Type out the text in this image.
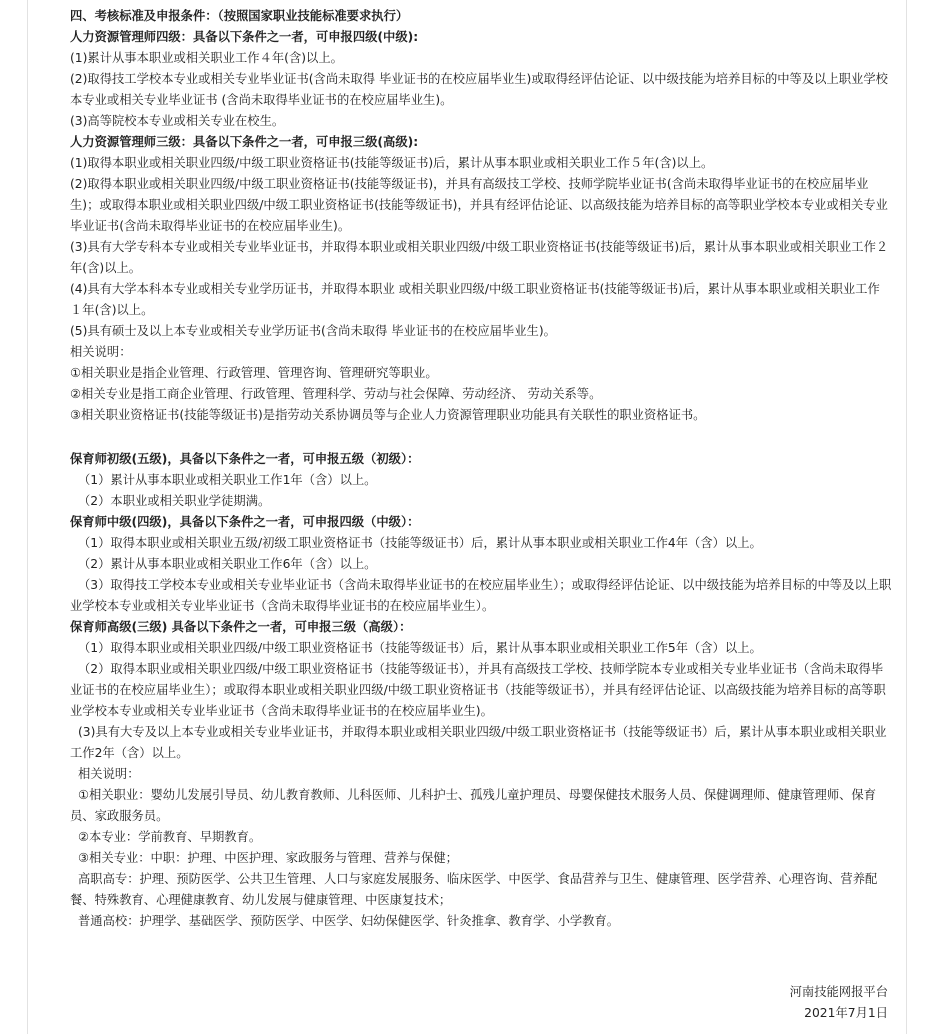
四、考核标准及申报条件：（按照国家职业技能标准要求执行）

人力资源管理师四级：具备以下条件之一者，可申报四级(中级):

(1)累计从事本职业或相关职业工作４年(含)以上。

(2)取得技工学校本专业或相关专业毕业证书(含尚未取得 毕业证书的在校应届毕业生)或取得经评估论证、以中级技能为培养目标的中等及以上职业学校本专业或相关专业毕业证书 (含尚未取得毕业证书的在校应届毕业生)。

(3)高等院校本专业或相关专业在校生。

人力资源管理师三级：具备以下条件之一者，可申报三级(高级):

(1)取得本职业或相关职业四级/中级工职业资格证书(技能等级证书)后，累计从事本职业或相关职业工作５年(含)以上。

(2)取得本职业或相关职业四级/中级工职业资格证书(技能等级证书)，并具有高级技工学校、技师学院毕业证书(含尚未取得毕业证书的在校应届毕业生)；或取得本职业或相关职业四级/中级工职业资格证书(技能等级证书)，并具有经评估论证、以高级技能为培养目标的高等职业学校本专业或相关专业毕业证书(含尚未取得毕业证书的在校应届毕业生)。

(3)具有大学专科本专业或相关专业毕业证书，并取得本职业或相关职业四级/中级工职业资格证书(技能等级证书)后，累计从事本职业或相关职业工作２年(含)以上。

(4)具有大学本科本专业或相关专业学历证书，并取得本职业 或相关职业四级/中级工职业资格证书(技能等级证书)后，累计从事本职业或相关职业工作１年(含)以上。

(5)具有硕士及以上本专业或相关专业学历证书(含尚未取得 毕业证书的在校应届毕业生)。

相关说明：

①相关职业是指企业管理、行政管理、管理咨询、管理研究等职业。

②相关专业是指工商企业管理、行政管理、管理科学、劳动与社会保障、劳动经济、 劳动关系等。

③相关职业资格证书(技能等级证书)是指劳动关系协调员等与企业人力资源管理职业功能具有关联性的职业资格证书。

保育师初级(五级)，具备以下条件之一者，可申报五级（初级）：

（1）累计从事本职业或相关职业工作1年（含）以上。

（2）本职业或相关职业学徒期满。

保育师中级(四级)，具备以下条件之一者，可申报四级（中级）：

（1）取得本职业或相关职业五级/初级工职业资格证书（技能等级证书）后，累计从事本职业或相关职业工作4年（含）以上。

（2）累计从事本职业或相关职业工作6年（含）以上。

（3）取得技工学校本专业或相关专业毕业证书（含尚未取得毕业证书的在校应届毕业生）；或取得经评估论证、以中级技能为培养目标的中等及以上职业学校本专业或相关专业毕业证书（含尚未取得毕业证书的在校应届毕业生）。

保育师高级(三级) 具备以下条件之一者，可申报三级（高级）：

（1）取得本职业或相关职业四级/中级工职业资格证书（技能等级证书）后，累计从事本职业或相关职业工作5年（含）以上。

（2）取得本职业或相关职业四级/中级工职业资格证书（技能等级证书），并具有高级技工学校、技师学院本专业或相关专业毕业证书（含尚未取得毕业证书的在校应届毕业生）；或取得本职业或相关职业四级/中级工职业资格证书（技能等级证书），并具有经评估论证、以高级技能为培养目标的高等职业学校本专业或相关专业毕业证书（含尚未取得毕业证书的在校应届毕业生)。

(3)具有大专及以上本专业或相关专业毕业证书，并取得本职业或相关职业四级/中级工职业资格证书（技能等级证书）后，累计从事本职业或相关职业工作2年（含）以上。

相关说明：

①相关职业：婴幼儿发展引导员、幼儿教育教师、儿科医师、儿科护士、孤残儿童护理员、母婴保健技术服务人员、保健调理师、健康管理师、保育员、家政服务员。

②本专业：学前教育、早期教育。

③相关专业：中职：护理、中医护理、家政服务与管理、营养与保健；

高职高专：护理、预防医学、公共卫生管理、人口与家庭发展服务、临床医学、中医学、食品营养与卫生、健康管理、医学营养、心理咨询、营养配餐、特殊教育、心理健康教育、幼儿发展与健康管理、中医康复技术；

普通高校：护理学、基础医学、预防医学、中医学、妇幼保健医学、针灸推拿、教育学、小学教育。

河南技能网报平台
2021年7月1日
